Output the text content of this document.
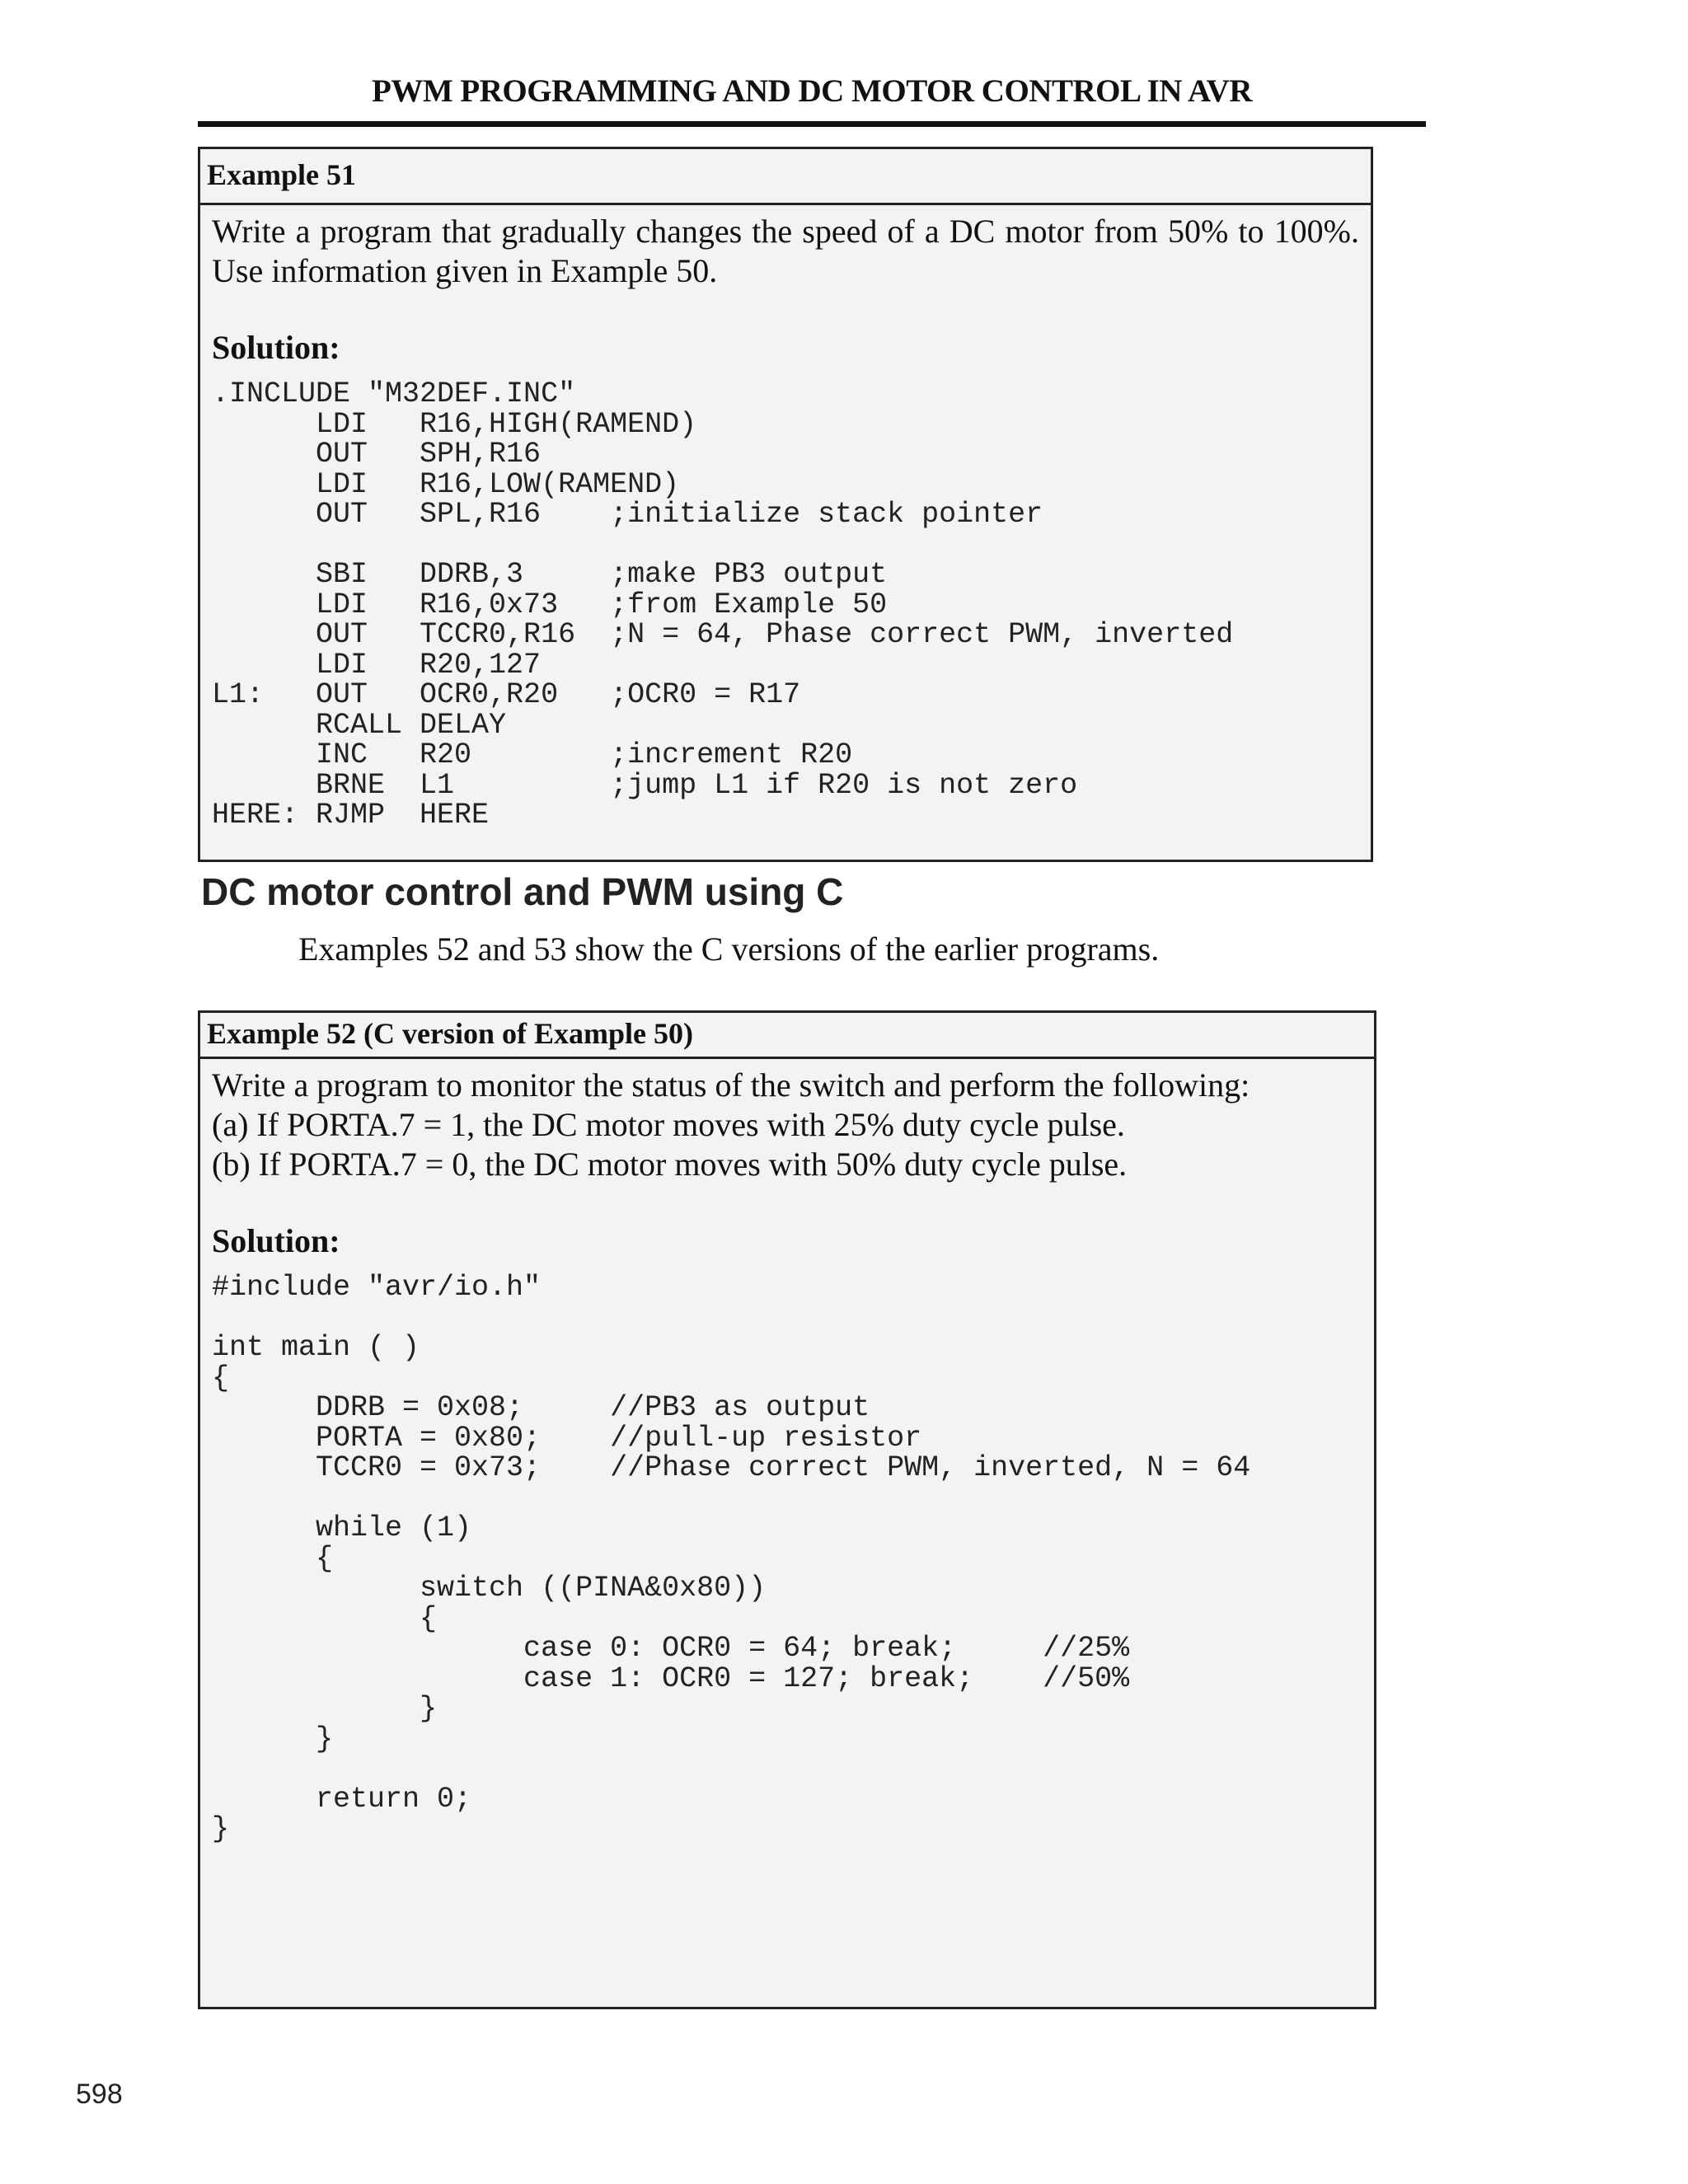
PWM PROGRAMMING AND DC MOTOR CONTROL IN AVR
Example 51
Write a program that gradually changes the speed of a DC motor from 50% to 100%.
Use information given in Example 50.
Solution:
.INCLUDE "M32DEF.INC"
LDI   R16,HIGH(RAMEND)
OUT   SPH,R16
LDI   R16,LOW(RAMEND)
OUT   SPL,R16    ;initialize stack pointer
SBI   DDRB,3     ;make PB3 output
LDI   R16,0x73   ;from Example 50
OUT   TCCR0,R16  ;N = 64, Phase correct PWM, inverted
LDI   R20,127
L1:   OUT   OCR0,R20   ;OCR0 = R17
RCALL DELAY
INC   R20        ;increment R20
BRNE  L1         ;jump L1 if R20 is not zero
HERE: RJMP  HERE
DC motor control and PWM using C
Examples 52 and 53 show the C versions of the earlier programs.
Example 52 (C version of Example 50)
Write a program to monitor the status of the switch and perform the following:
(a) If PORTA.7 = 1, the DC motor moves with 25% duty cycle pulse.
(b) If PORTA.7 = 0, the DC motor moves with 50% duty cycle pulse.
Solution:
#include "avr/io.h"
int main ( )
{
DDRB = 0x08;     //PB3 as output
PORTA = 0x80;    //pull-up resistor
TCCR0 = 0x73;    //Phase correct PWM, inverted, N = 64
while (1)
{
switch ((PINA&0x80))
{
case 0: OCR0 = 64; break;     //25%
case 1: OCR0 = 127; break;    //50%
}
}
return 0;
}
598
